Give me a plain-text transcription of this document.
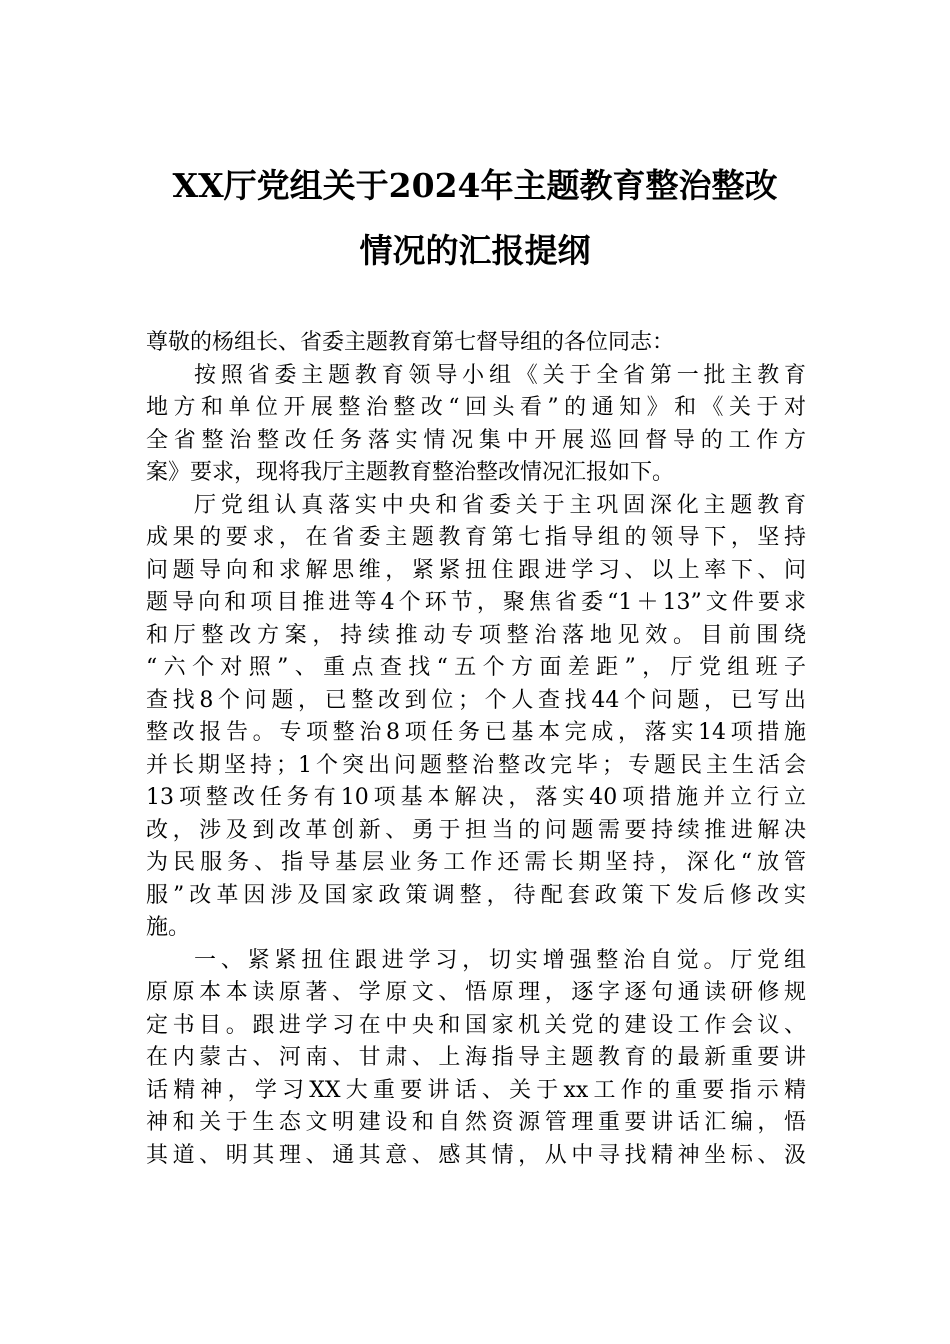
XX厅党组关于2024年主题教育整治整改
情况的汇报提纲
尊敬的杨组长、省委主题教育第七督导组的各位同志：
按照省委主题教育领导小组《关于全省第一批主教育
地方和单位开展整治整改“回头看”的通知》和《关于对
全省整治整改任务落实情况集中开展巡回督导的工作方
案》要求，现将我厅主题教育整治整改情况汇报如下。
厅党组认真落实中央和省委关于主巩固深化主题教育
成果的要求，在省委主题教育第七指导组的领导下，坚持
问题导向和求解思维，紧紧扭住跟进学习、以上率下、问
题导向和项目推进等4个环节，聚焦省委“1＋13”文件要求
和厅整改方案，持续推动专项整治落地见效。目前围绕
“六个对照”、重点查找“五个方面差距”，厅党组班子
查找8个问题，已整改到位；个人查找44个问题，已写出
整改报告。专项整治8项任务已基本完成，落实14项措施
并长期坚持；1个突出问题整治整改完毕；专题民主生活会
13项整改任务有10项基本解决，落实40项措施并立行立
改，涉及到改革创新、勇于担当的问题需要持续推进解决
为民服务、指导基层业务工作还需长期坚持，深化“放管
服”改革因涉及国家政策调整，待配套政策下发后修改实
施。
一、紧紧扭住跟进学习，切实增强整治自觉。厅党组
原原本本读原著、学原文、悟原理，逐字逐句通读研修规
定书目。跟进学习在中央和国家机关党的建设工作会议、
在内蒙古、河南、甘肃、上海指导主题教育的最新重要讲
话精神，学习XX大重要讲话、关于xx工作的重要指示精
神和关于生态文明建设和自然资源管理重要讲话汇编，悟
其道、明其理、通其意、感其情，从中寻找精神坐标、汲
